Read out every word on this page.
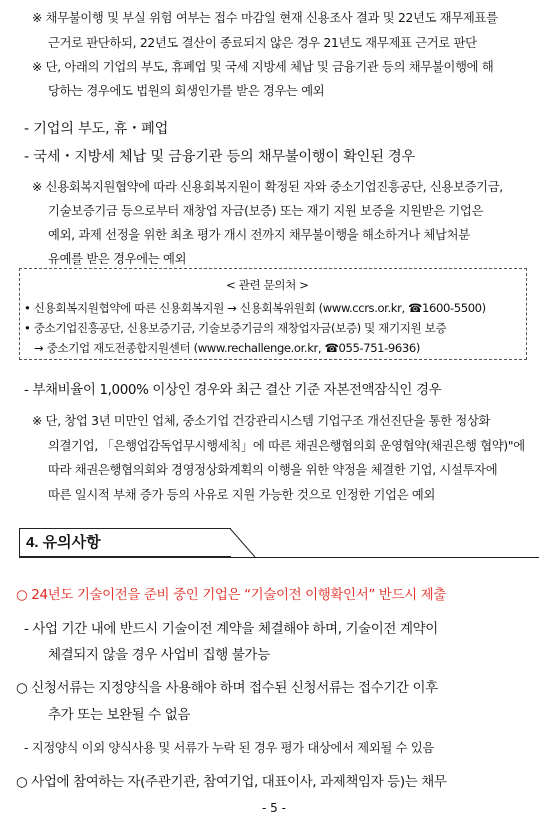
※ 채무불이행 및 부실 위험 여부는 접수 마감일 현재 신용조사 결과 및 22년도 재무제표를
근거로 판단하되, 22년도 결산이 종료되지 않은 경우 21년도 재무제표 근거로 판단
※ 단, 아래의 기업의 부도, 휴폐업 및 국세 지방세 체납 및 금융기관 등의 채무불이행에 해
당하는 경우에도 법원의 회생인가를 받은 경우는 예외
- 기업의 부도, 휴・폐업
- 국세・지방세 체납 및 금융기관 등의 채무불이행이 확인된 경우
※ 신용회복지원협약에 따라 신용회복지원이 확정된 자와 중소기업진흥공단, 신용보증기금,
기술보증기금 등으로부터 재창업 자금(보증) 또는 재기 지원 보증을 지원받은 기업은
예외, 과제 선정을 위한 최초 평가 개시 전까지 채무불이행을 해소하거나 체납처분
유예를 받은 경우에는 예외
< 관련 문의처 >
• 신용회복지원협약에 따른 신용회복지원 → 신용회복위원회 (www.ccrs.or.kr, ☎1600-5500)
• 중소기업진흥공단, 신용보증기금, 기술보증기금의 재창업자금(보증) 및 재기지원 보증
→ 중소기업 재도전종합지원센터 (www.rechallenge.or.kr, ☎055-751-9636)
- 부채비율이 1,000% 이상인 경우와 최근 결산 기준 자본전액잠식인 경우
※ 단, 창업 3년 미만인 업체, 중소기업 건강관리시스템 기업구조 개선진단을 통한 정상화
의결기업, 「은행업감독업무시행세칙」에 따른 채권은행협의회 운영협약(채권은행 협약)"에
따라 채권은행협의회와 경영정상화계획의 이행을 위한 약정을 체결한 기업, 시설투자에
따른 일시적 부채 증가 등의 사유로 지원 가능한 것으로 인정한 기업은 예외
4. 유의사항
○ 24년도 기술이전을 준비 중인 기업은 “기술이전 이행확인서” 반드시 제출
- 사업 기간 내에 반드시 기술이전 계약을 체결해야 하며, 기술이전 계약이
체결되지 않을 경우 사업비 집행 불가능
○ 신청서류는 지정양식을 사용해야 하며 접수된 신청서류는 접수기간 이후
추가 또는 보완될 수 없음
- 지정양식 이외 양식사용 및 서류가 누락 된 경우 평가 대상에서 제외될 수 있음
○ 사업에 참여하는 자(주관기관, 참여기업, 대표이사, 과제책임자 등)는 채무
- 5 -
